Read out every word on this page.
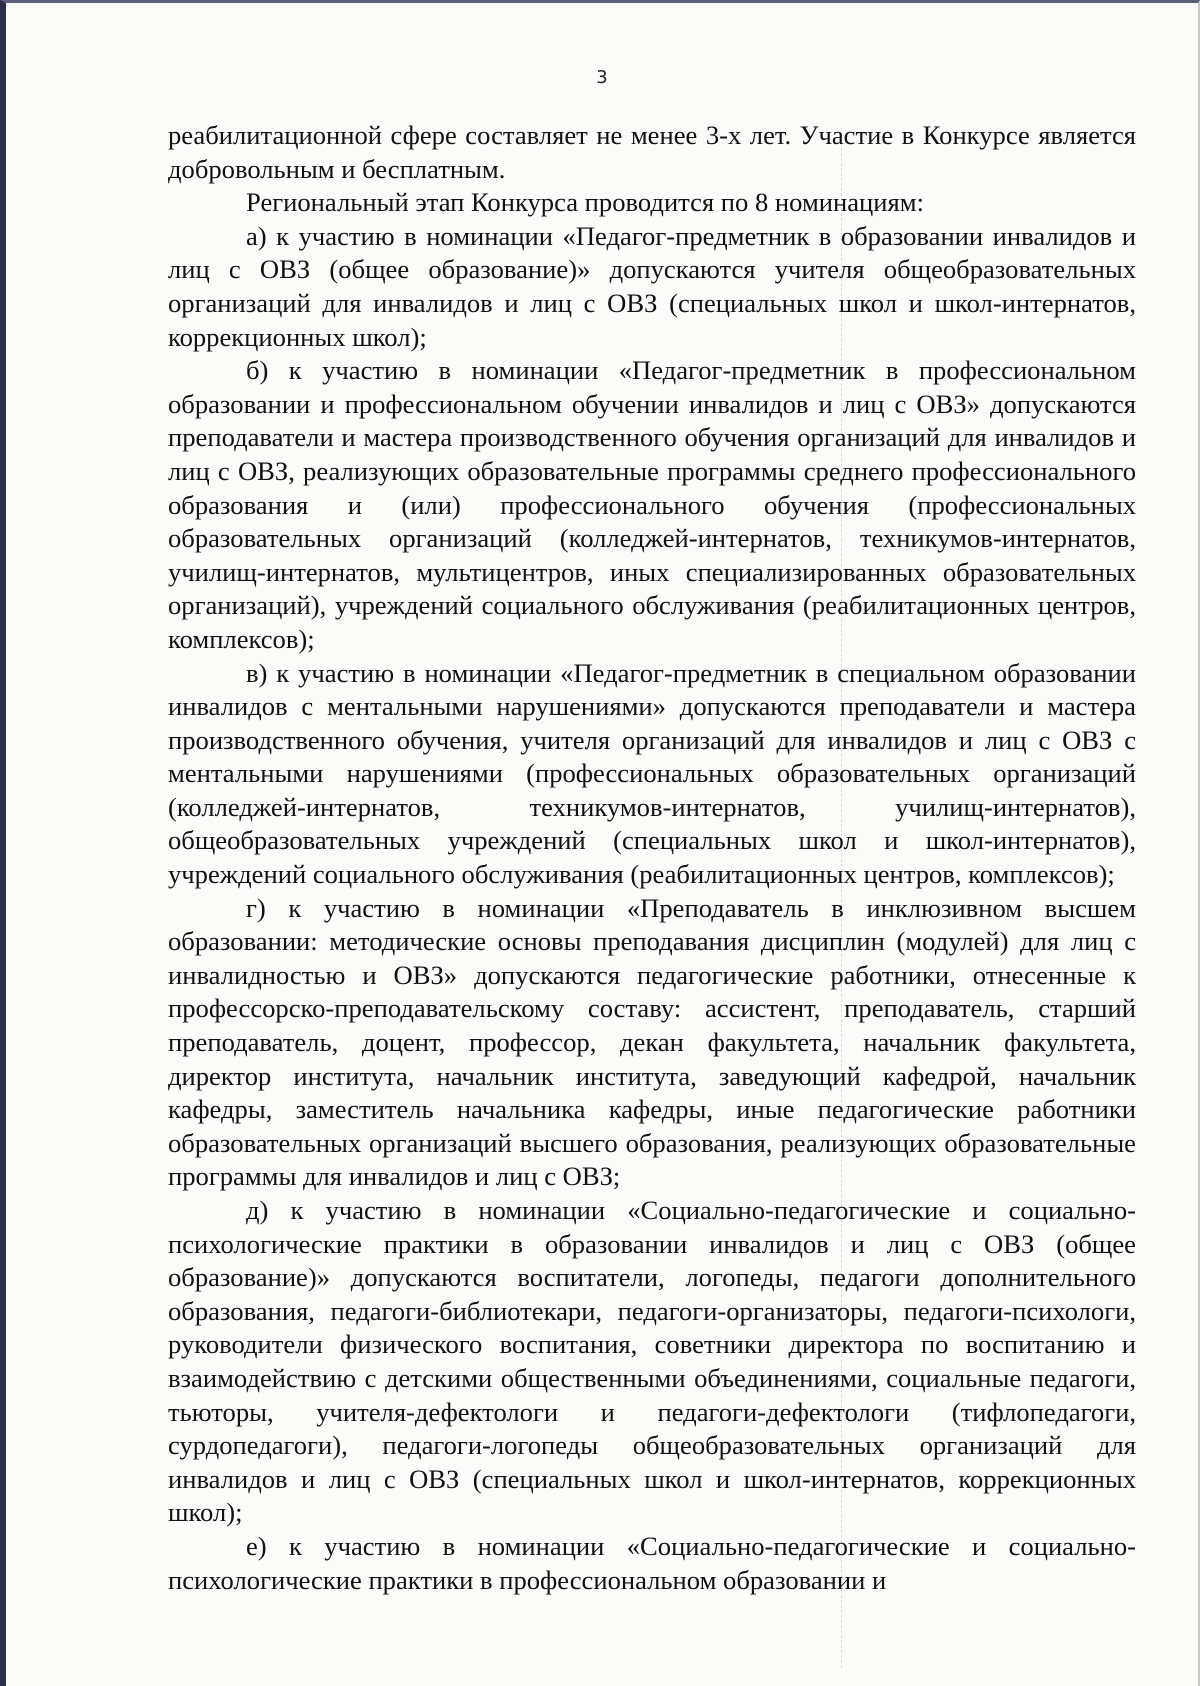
3

реабилитационной сфере составляет не менее 3-х лет. Участие в Конкурсе является добровольным и бесплатным.

Региональный этап Конкурса проводится по 8 номинациям:

а) к участию в номинации «Педагог-предметник в образовании инвалидов и лиц с ОВЗ (общее образование)» допускаются учителя общеобразовательных организаций для инвалидов и лиц с ОВЗ (специальных школ и школ-интернатов, коррекционных школ);

б) к участию в номинации «Педагог-предметник в профессиональном образовании и профессиональном обучении инвалидов и лиц с ОВЗ» допускаются преподаватели и мастера производственного обучения организаций для инвалидов и лиц с ОВЗ, реализующих образовательные программы среднего профессионального образования и (или) профессионального обучения (профессиональных образовательных организаций (колледжей-интернатов, техникумов-интернатов, училищ-интернатов, мультицентров, иных специализированных образовательных организаций), учреждений социального обслуживания (реабилитационных центров, комплексов);

в) к участию в номинации «Педагог-предметник в специальном образовании инвалидов с ментальными нарушениями» допускаются преподаватели и мастера производственного обучения, учителя организаций для инвалидов и лиц с ОВЗ с ментальными нарушениями (профессиональных образовательных организаций (колледжей-интернатов, техникумов-интернатов, училищ-интернатов), общеобразовательных учреждений (специальных школ и школ-интернатов), учреждений социального обслуживания (реабилитационных центров, комплексов);

г) к участию в номинации «Преподаватель в инклюзивном высшем образовании: методические основы преподавания дисциплин (модулей) для лиц с инвалидностью и ОВЗ» допускаются педагогические работники, отнесенные к профессорско-преподавательскому составу: ассистент, преподаватель, старший преподаватель, доцент, профессор, декан факультета, начальник факультета, директор института, начальник института, заведующий кафедрой, начальник кафедры, заместитель начальника кафедры, иные педагогические работники образовательных организаций высшего образования, реализующих образовательные программы для инвалидов и лиц с ОВЗ;

д) к участию в номинации «Социально-педагогические и социально-психологические практики в образовании инвалидов и лиц с ОВЗ (общее образование)» допускаются воспитатели, логопеды, педагоги дополнительного образования, педагоги-библиотекари, педагоги-организаторы, педагоги-психологи, руководители физического воспитания, советники директора по воспитанию и взаимодействию с детскими общественными объединениями, социальные педагоги, тьюторы, учителя-дефектологи и педагоги-дефектологи (тифлопедагоги, сурдопедагоги), педагоги-логопеды общеобразовательных организаций для инвалидов и лиц с ОВЗ (специальных школ и школ-интернатов, коррекционных школ);

е) к участию в номинации «Социально-педагогические и социально-психологические практики в профессиональном образовании и
